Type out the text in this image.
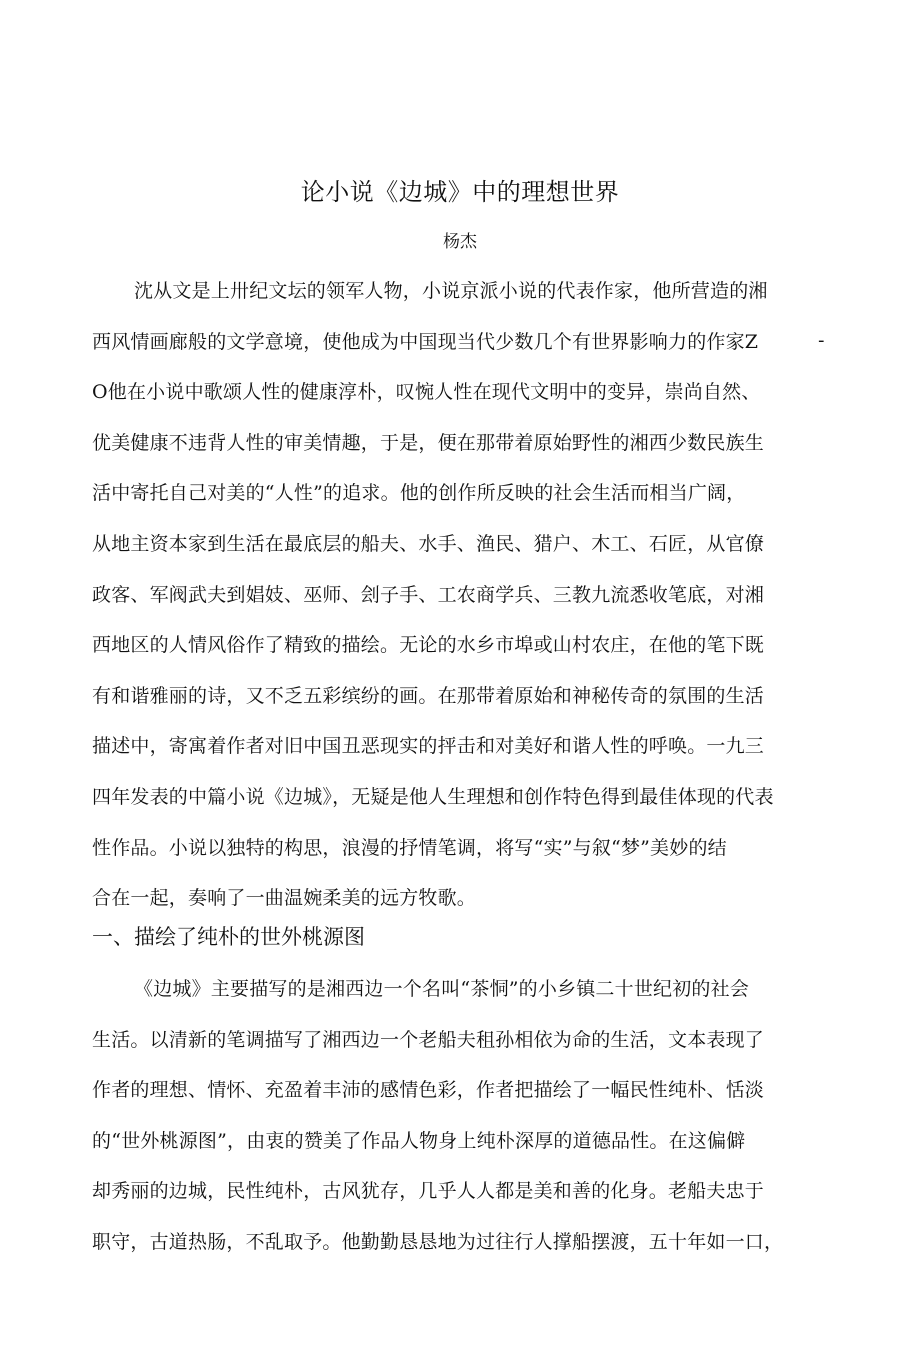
论小说《边城》中的理想世界
杨杰
-
沈从文是上卅纪文坛的领军人物，小说京派小说的代表作家，他所营造的湘
西风情画廊般的文学意境，使他成为中国现当代少数几个有世界影响力的作家Z
O他在小说中歌颂人性的健康淳朴，叹惋人性在现代文明中的变异，崇尚自然、
优美健康不违背人性的审美情趣，于是，便在那带着原始野性的湘西少数民族生
活中寄托自己对美的“人性”的追求。他的创作所反映的社会生活而相当广阔，
从地主资本家到生活在最底层的船夫、水手、渔民、猎户、木工、石匠，从官僚
政客、军阀武夫到娼妓、巫师、刽子手、工农商学兵、三教九流悉收笔底，对湘
西地区的人情风俗作了精致的描绘。无论的水乡市埠或山村农庄，在他的笔下既
有和谐雅丽的诗，又不乏五彩缤纷的画。在那带着原始和神秘传奇的氛围的生活
描述中，寄寓着作者对旧中国丑恶现实的抨击和对美好和谐人性的呼唤。一九三
四年发表的中篇小说《边城》，无疑是他人生理想和创作特色得到最佳体现的代表
性作品。小说以独特的构思，浪漫的抒情笔调，将写“实”与叙“梦”美妙的结
合在一起，奏响了一曲温婉柔美的远方牧歌。
一、描绘了纯朴的世外桃源图
《边城》主要描写的是湘西边一个名叫“茶恫”的小乡镇二十世纪初的社会
生活。以清新的笔调描写了湘西边一个老船夫租孙相依为命的生活，文本表现了
作者的理想、情怀、充盈着丰沛的感情色彩，作者把描绘了一幅民性纯朴、恬淡
的“世外桃源图”，由衷的赞美了作品人物身上纯朴深厚的道德品性。在这偏僻
却秀丽的边城，民性纯朴，古风犹存，几乎人人都是美和善的化身。老船夫忠于
职守，古道热肠，不乱取予。他勤勤恳恳地为过往行人撑船摆渡，五十年如一口，
